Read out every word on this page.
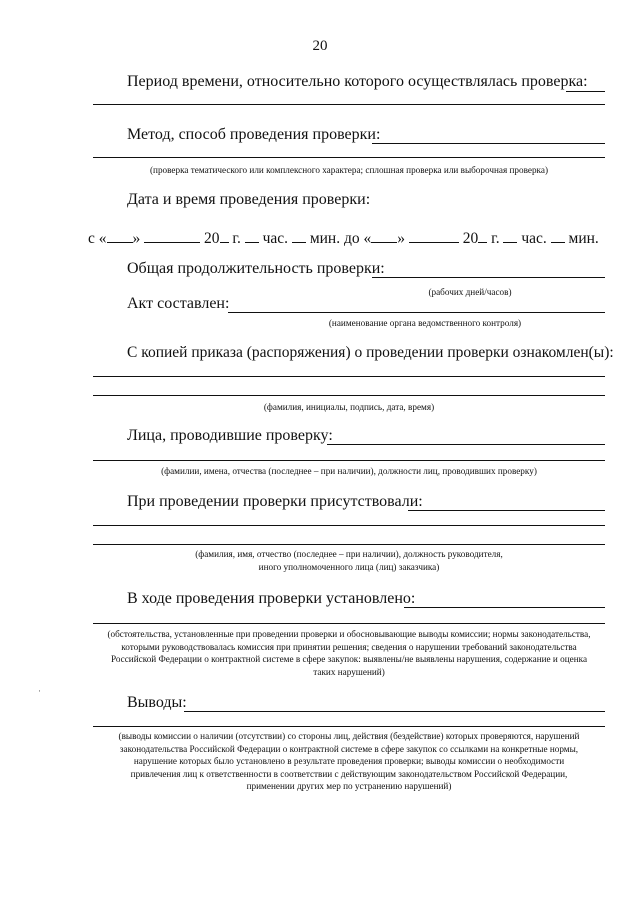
20
Период времени, относительно которого осуществлялась проверка:
Метод, способ проведения проверки:
(проверка тематического или комплексного характера; сплошная проверка или выборочная проверка)
Дата и время проведения проверки:
с « »	20 г. час. мин. до « »	20 г. час. мин.
Общая продолжительность проверки:
(рабочих дней/часов)
Акт составлен:
(наименование органа ведомственного контроля)
С копией приказа (распоряжения) о проведении проверки ознакомлен(ы):
(фамилия, инициалы, подпись, дата, время)
Лица, проводившие проверку:
(фамилии, имена, отчества (последнее – при наличии), должности лиц, проводивших проверку)
При проведении проверки присутствовали:
(фамилия, имя, отчество (последнее – при наличии), должность руководителя,
иного уполномоченного лица (лиц) заказчика)
В ходе проведения проверки установлено:
(обстоятельства, установленные при проведении проверки и обосновывающие выводы комиссии; нормы законодательства,
которыми руководствовалась комиссия при принятии решения; сведения о нарушении требований законодательства
Российской Федерации о контрактной системе в сфере закупок: выявлены/не выявлены нарушения, содержание и оценка
таких нарушений)
Выводы:
(выводы комиссии о наличии (отсутствии) со стороны лиц, действия (бездействие) которых проверяются, нарушений
законодательства Российской Федерации о контрактной системе в сфере закупок со ссылками на конкретные нормы,
нарушение которых было установлено в результате проведения проверки; выводы комиссии о необходимости
привлечения лиц к ответственности в соответствии с действующим законодательством Российской Федерации,
применении других мер по устранению нарушений)
·
